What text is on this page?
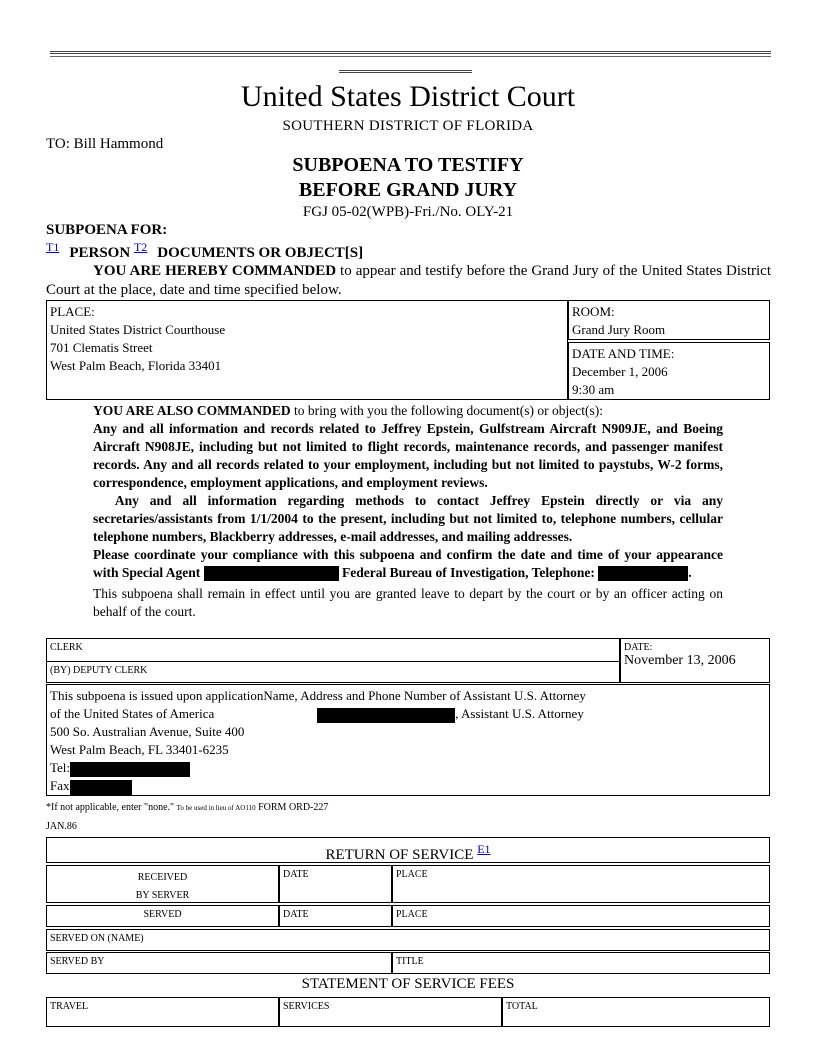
United States District Court
SOUTHERN DISTRICT OF FLORIDA
TO: Bill Hammond
SUBPOENA TO TESTIFY
BEFORE GRAND JURY
FGJ 05-02(WPB)-Fri./No. OLY-21
SUBPOENA FOR:
$^{T1}$ PERSON $^{T2}$ DOCUMENTS OR OBJECT[S]
YOU ARE HEREBY COMMANDED to appear and testify before the Grand Jury of the United States District Court at the place, date and time specified below.
PLACE:
United States District Courthouse
701 Clematis Street
West Palm Beach, Florida 33401
ROOM:
Grand Jury Room
DATE AND TIME:
December 1, 2006
9:30 am
YOU ARE ALSO COMMANDED to bring with you the following document(s) or object(s):
Any and all information and records related to Jeffrey Epstein, Gulfstream Aircraft N909JE, and Boeing Aircraft N908JE, including but not limited to flight records, maintenance records, and passenger manifest records. Any and all records related to your employment, including but not limited to paystubs, W-2 forms, correspondence, employment applications, and employment reviews.
Any and all information regarding methods to contact Jeffrey Epstein directly or via any secretaries/assistants from 1/1/2004 to the present, including but not limited to, telephone numbers, cellular telephone numbers, Blackberry addresses, e-mail addresses, and mailing addresses.
Please coordinate your compliance with this subpoena and confirm the date and time of your appearance with Special Agent	Federal Bureau of Investigation, Telephone:	.
This subpoena shall remain in effect until you are granted leave to depart by the court or by an officer acting on behalf of the court.
CLERK
(BY) DEPUTY CLERK
DATE:
November 13, 2006
This subpoena is issued upon applicationName, Address and Phone Number of Assistant U.S. Attorney
of the United States of America	, Assistant U.S. Attorney
500 So. Australian Avenue, Suite 400
West Palm Beach, FL 33401-6235
Tel:
Fax
*If not applicable, enter "none." To be used in lieu of AO110 FORM ORD-227
JAN.86
RETURN OF SERVICE $^{E1}$
RECEIVED
BY SERVER
DATE	PLACE
SERVED	DATE	PLACE
SERVED ON (NAME)
SERVED BY	TITLE
STATEMENT OF SERVICE FEES
TRAVEL	SERVICES	TOTAL
